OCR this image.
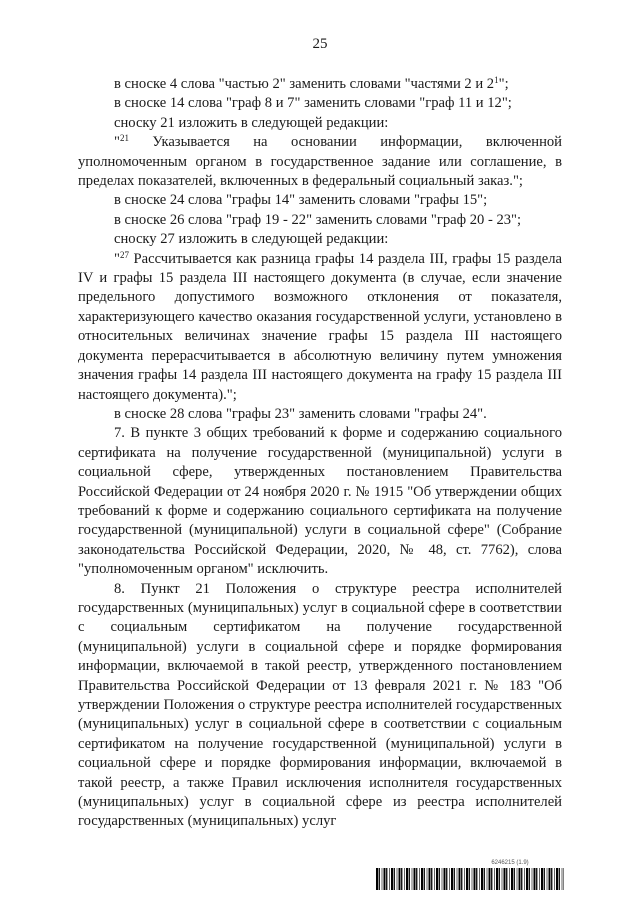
25

в сноске 4 слова "частью 2" заменить словами "частями 2 и $2^1$";

в сноске 14 слова "граф 8 и 7" заменить словами "граф 11 и 12";

сноску 21 изложить в следующей редакции:

"$^{21}$ Указывается на основании информации, включенной уполномоченным органом в государственное задание или соглашение, в пределах показателей, включенных в федеральный социальный заказ.";

в сноске 24 слова "графы 14" заменить словами "графы 15";

в сноске 26 слова "граф 19 - 22" заменить словами "граф 20 - 23";

сноску 27 изложить в следующей редакции:

"$^{27}$ Рассчитывается как разница графы 14 раздела III, графы 15 раздела IV и графы 15 раздела III настоящего документа (в случае, если значение предельного допустимого возможного отклонения от показателя, характеризующего качество оказания государственной услуги, установлено в относительных величинах значение графы 15 раздела III настоящего документа перерасчитывается в абсолютную величину путем умножения значения графы 14 раздела III настоящего документа на графу 15 раздела III настоящего документа).";

в сноске 28 слова "графы 23" заменить словами "графы 24".

7. В пункте 3 общих требований к форме и содержанию социального сертификата на получение государственной (муниципальной) услуги в социальной сфере, утвержденных постановлением Правительства Российской Федерации от 24 ноября 2020 г. № 1915 "Об утверждении общих требований к форме и содержанию социального сертификата на получение государственной (муниципальной) услуги в социальной сфере" (Собрание законодательства Российской Федерации, 2020, № 48, ст. 7762), слова "уполномоченным органом" исключить.

8. Пункт 21 Положения о структуре реестра исполнителей государственных (муниципальных) услуг в социальной сфере в соответствии с социальным сертификатом на получение государственной (муниципальной) услуги в социальной сфере и порядке формирования информации, включаемой в такой реестр, утвержденного постановлением Правительства Российской Федерации от 13 февраля 2021 г. № 183 "Об утверждении Положения о структуре реестра исполнителей государственных (муниципальных) услуг в социальной сфере в соответствии с социальным сертификатом на получение государственной (муниципальной) услуги в социальной сфере и порядке формирования информации, включаемой в такой реестр, а также Правил исключения исполнителя государственных (муниципальных) услуг в социальной сфере из реестра исполнителей государственных (муниципальных) услуг

6246215 (1.9)
